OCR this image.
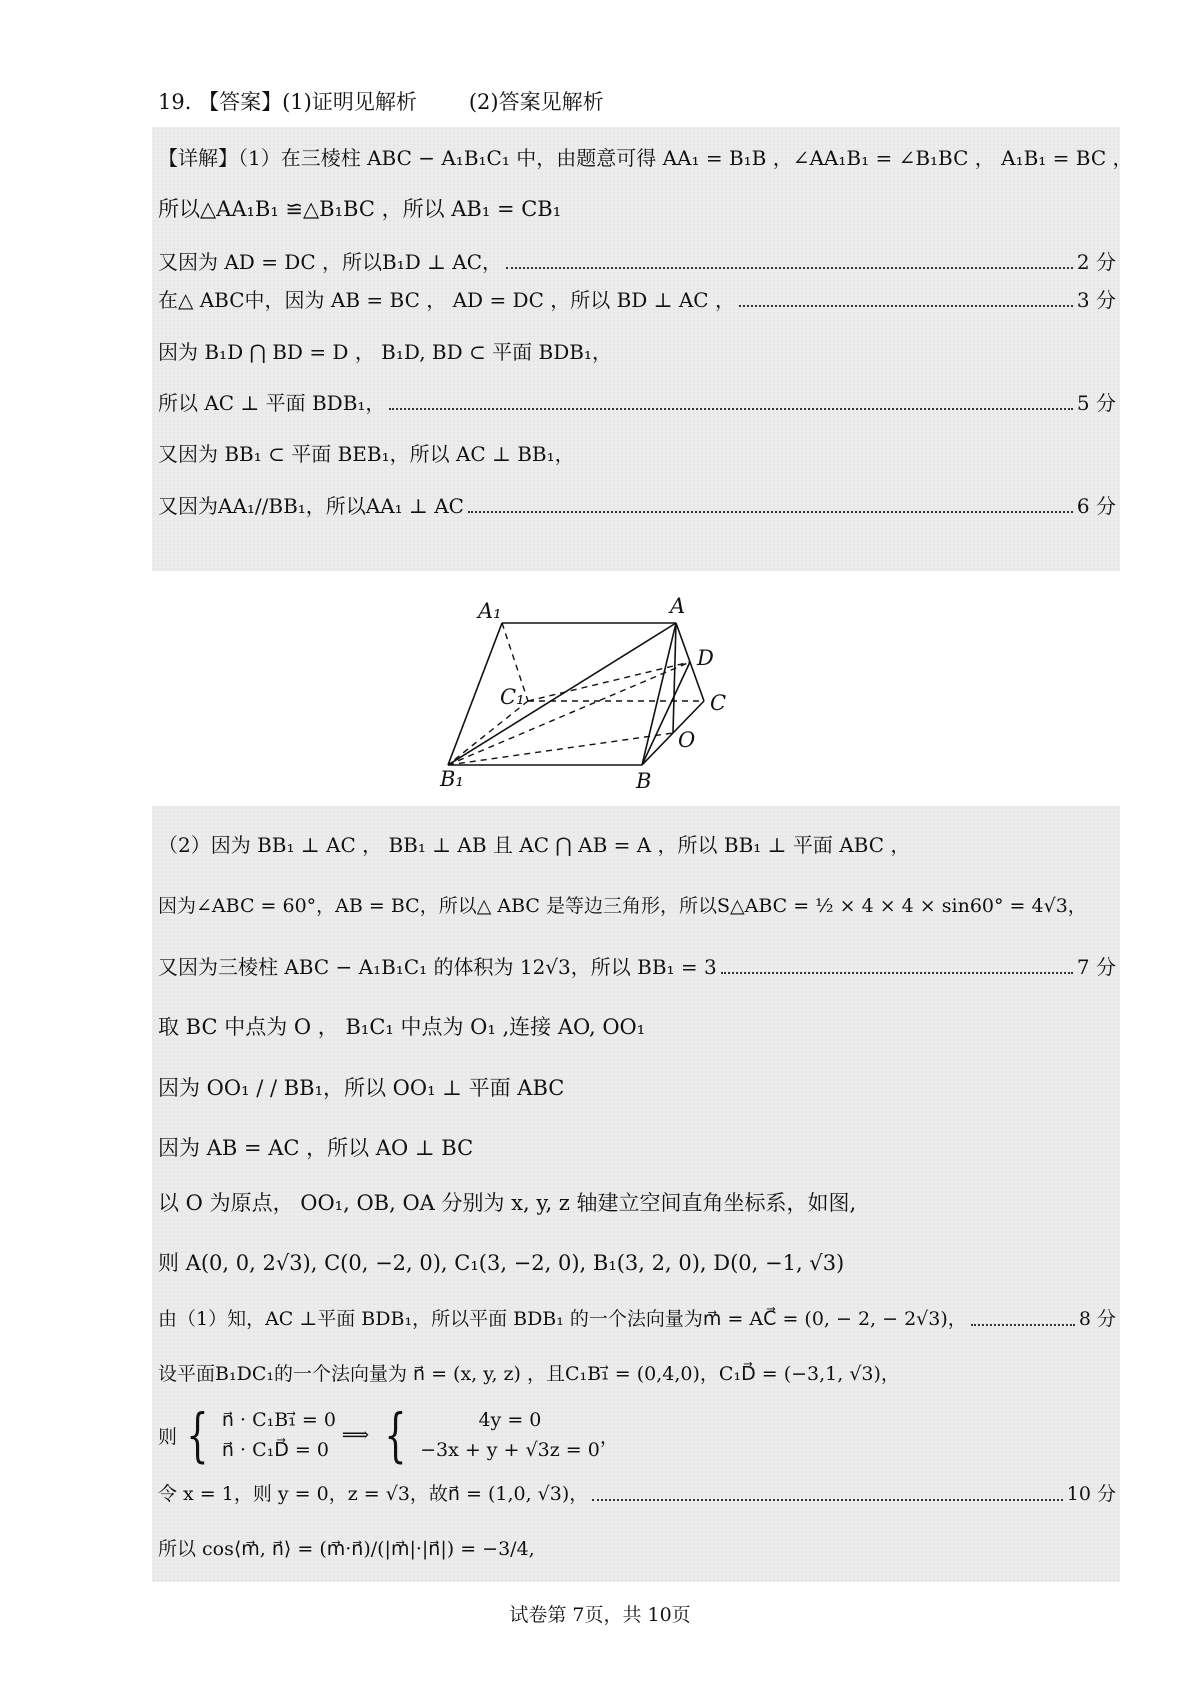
19. 【答案】(1)证明见解析 (2)答案见解析
【详解】（1）在三棱柱 ABC − A₁B₁C₁ 中，由题意可得 AA₁ = B₁B ，∠AA₁B₁ = ∠B₁BC ， A₁B₁ = BC ，
所以△AA₁B₁ ≌△B₁BC ，所以 AB₁ = CB₁
又因为 AD = DC ，所以B₁D ⊥ AC，	2 分
在△ ABC中，因为 AB = BC ， AD = DC ，所以 BD ⊥ AC ，	3 分
因为 B₁D ⋂ BD = D ， B₁D, BD ⊂ 平面 BDB₁，
所以 AC ⊥ 平面 BDB₁，	5 分
又因为 BB₁ ⊂ 平面 BEB₁，所以 AC ⊥ BB₁，
又因为AA₁//BB₁，所以AA₁ ⊥ AC	6 分
A₁	A
D
C₁	C
O
B₁	B
（2）因为 BB₁ ⊥ AC ， BB₁ ⊥ AB 且 AC ⋂ AB = A ，所以 BB₁ ⊥ 平面 ABC ，
因为∠ABC = 60°，AB = BC，所以△ ABC 是等边三角形，所以S△ABC = ½ × 4 × 4 × sin60° = 4√3，
又因为三棱柱 ABC − A₁B₁C₁ 的体积为 12√3，所以 BB₁ = 3	7 分
取 BC 中点为 O ， B₁C₁ 中点为 O₁ ,连接 AO, OO₁
因为 OO₁ / / BB₁，所以 OO₁ ⊥ 平面 ABC
因为 AB = AC ，所以 AO ⊥ BC
以 O 为原点， OO₁, OB, OA 分别为 x, y, z 轴建立空间直角坐标系，如图,
则 A(0, 0, 2√3), C(0, −2, 0), C₁(3, −2, 0), B₁(3, 2, 0), D(0, −1, √3)
由（1）知，AC ⊥平面 BDB₁，所以平面 BDB₁ 的一个法向量为m⃗ = AC⃗ = (0, − 2, − 2√3)，	8 分
设平面B₁DC₁的一个法向量为 n⃗ = (x, y, z) ，且C₁B₁⃗ = (0,4,0)，C₁D⃗ = (−3,1, √3)，
则 { n⃗ · C₁B₁⃗ = 0
n⃗ · C₁D⃗ = 0
⟹ {	4y = 0
−3x + y + √3z = 0
，
令 x = 1，则 y = 0，z = √3，故n⃗ = (1,0, √3)，	10 分
所以 cos⟨m⃗, n⃗⟩ = (m⃗·n⃗)/(|m⃗|·|n⃗|) = −3/4,
试卷第 7页，共 10页
